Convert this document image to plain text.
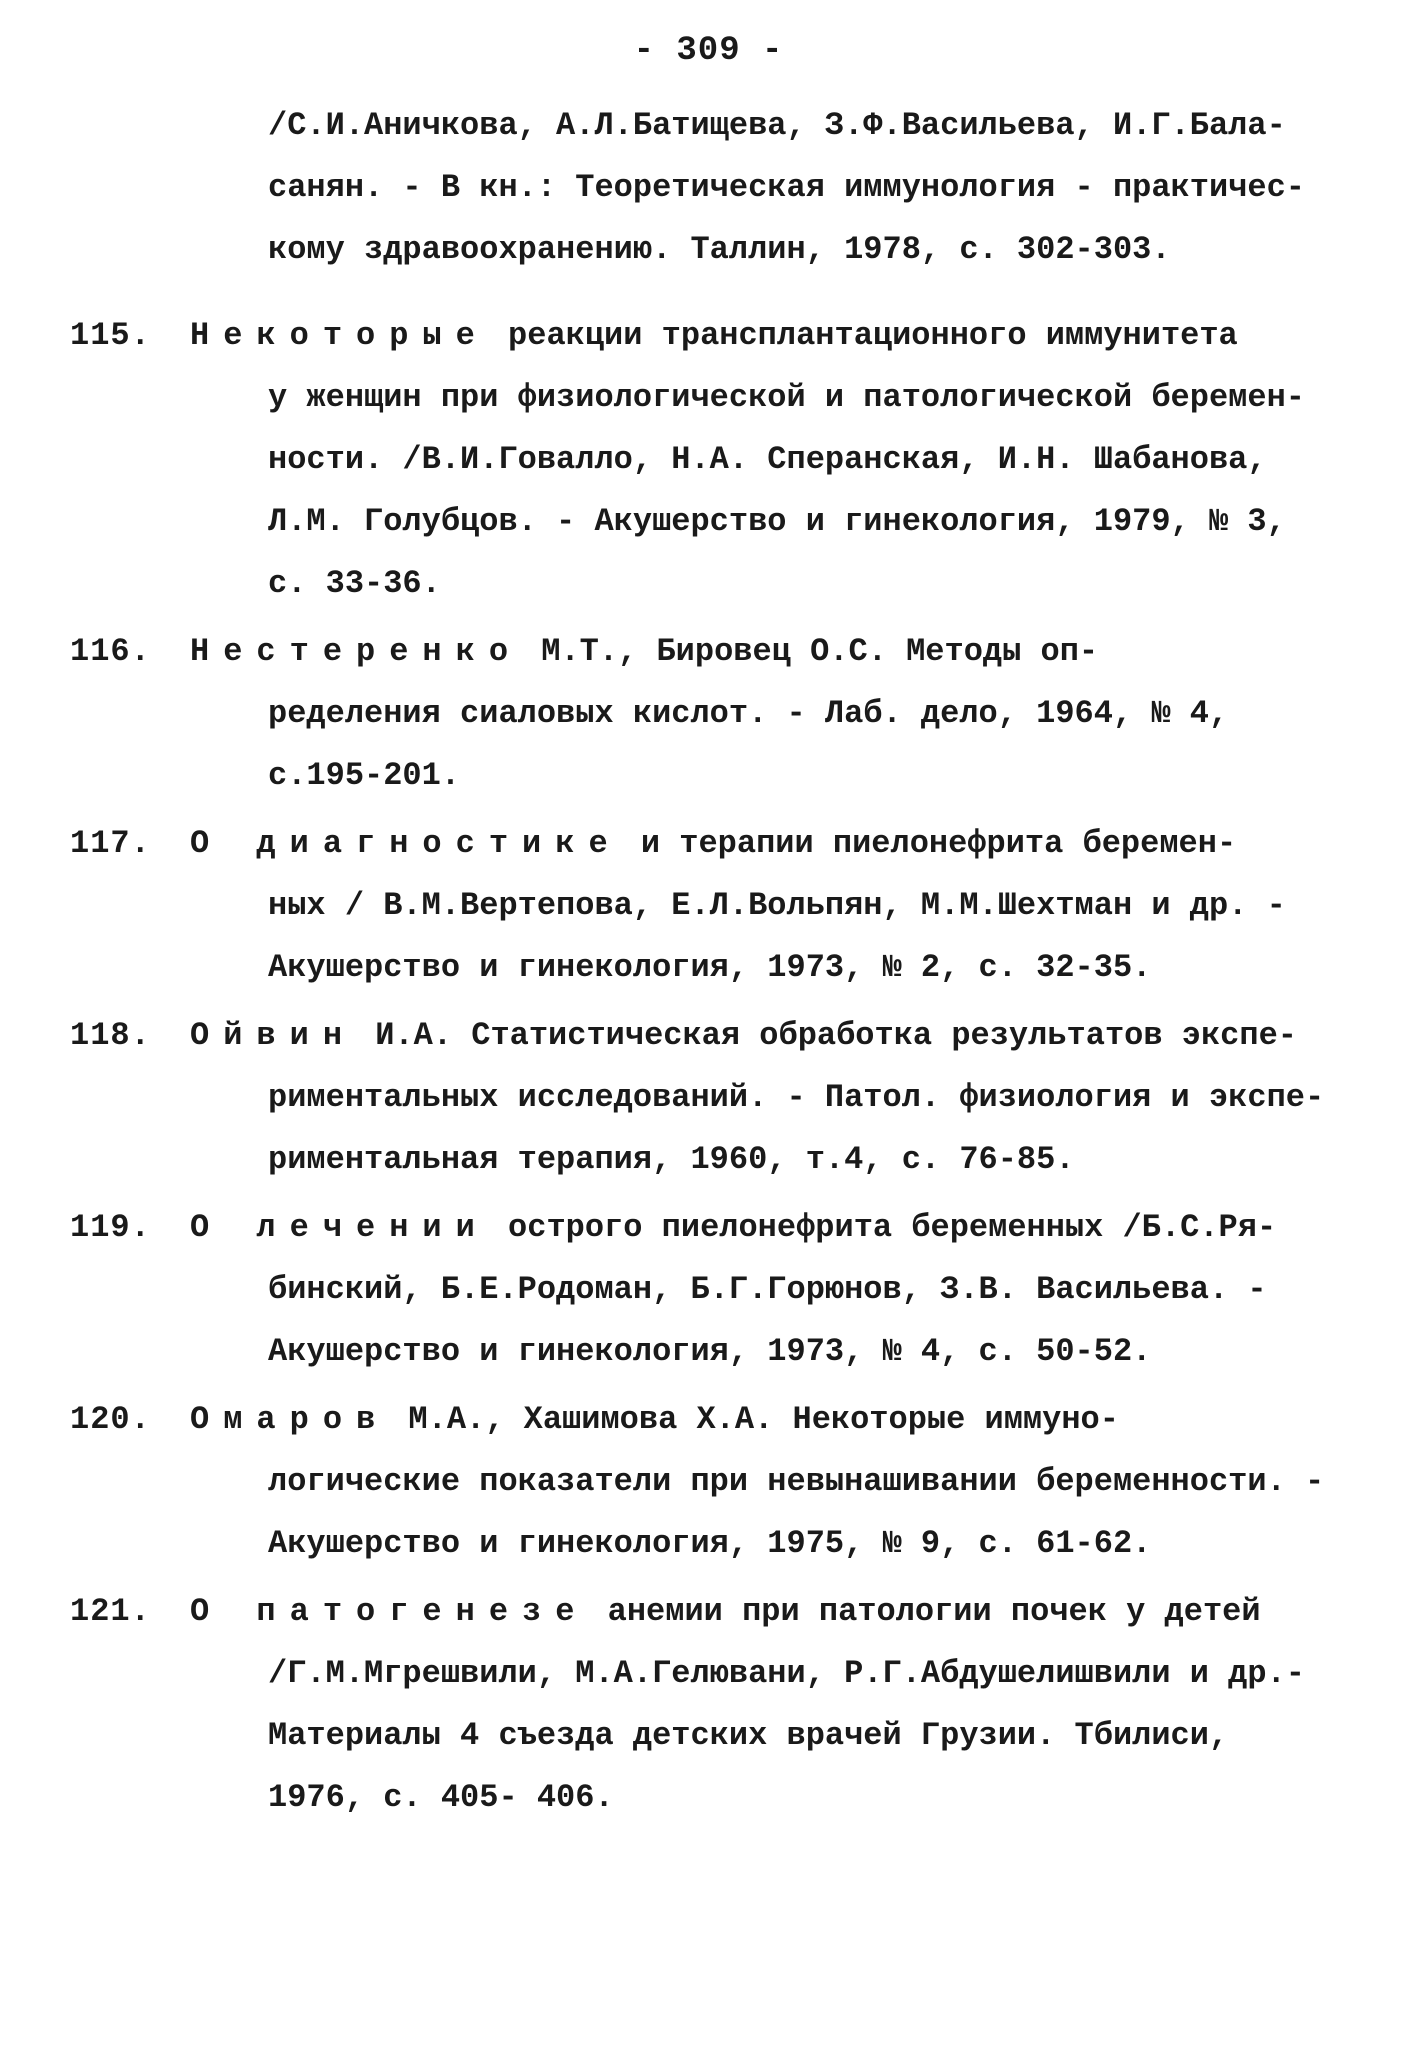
- 309 -
/С.И.Аничкова, А.Л.Батищева, З.Ф.Васильева, И.Г.Бала-
санян. - В кн.: Теоретическая иммунология - практичес-
кому здравоохранению. Таллин, 1978, с. 302-303.
115.	Некоторые реакции трансплантационного иммунитета
у женщин при физиологической и патологической беремен-
ности. /В.И.Говалло, Н.А. Сперанская, И.Н. Шабанова,
Л.М. Голубцов. - Акушерство и гинекология, 1979, № 3,
с. 33-36.
116.	Нестеренко М.Т., Бировец О.С. Методы оп-
ределения сиаловых кислот. - Лаб. дело, 1964, № 4,
с.195-201.
117.	О диагностике и терапии пиелонефрита беремен-
ных / В.М.Вертепова, Е.Л.Вольпян, М.М.Шехтман и др. -
Акушерство и гинекология, 1973, № 2, с. 32-35.
118.	Ойвин И.А. Статистическая обработка результатов экспе-
риментальных исследований. - Патол. физиология и экспе-
риментальная терапия, 1960, т.4, с. 76-85.
119.	О лечении острого пиелонефрита беременных /Б.С.Ря-
бинский, Б.Е.Родоман, Б.Г.Горюнов, З.В. Васильева. -
Акушерство и гинекология, 1973, № 4, с. 50-52.
120.	Омаров М.А., Хашимова Х.А. Некоторые иммуно-
логические показатели при невынашивании беременности. -
Акушерство и гинекология, 1975, № 9, с. 61-62.
121.	О патогенезе анемии при патологии почек у детей
/Г.М.Мгрешвили, М.А.Гелювани, Р.Г.Абдушелишвили и др.-
Материалы 4 съезда детских врачей Грузии. Тбилиси,
1976, с. 405- 406.
